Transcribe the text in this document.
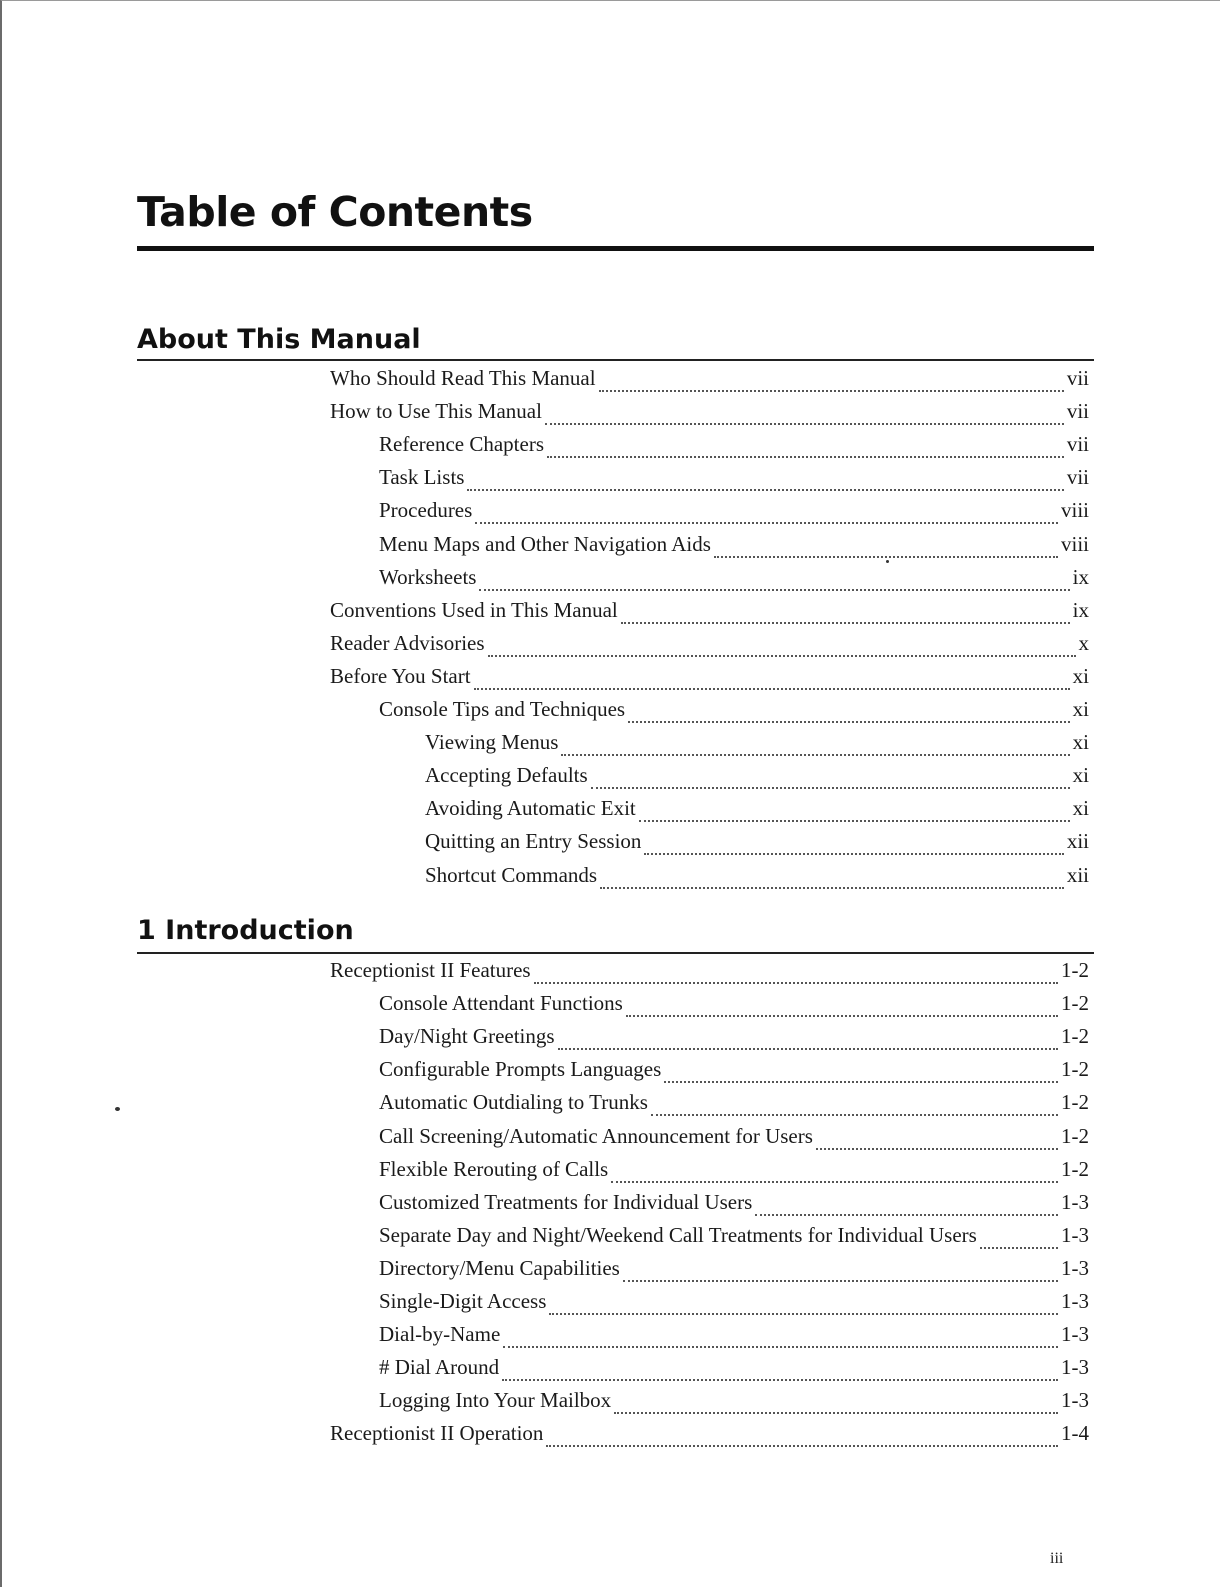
Table of Contents
About This Manual
Who Should Read This Manual	vii
How to Use This Manual	vii
Reference Chapters	vii
Task Lists	vii
Procedures	viii
Menu Maps and Other Navigation Aids	viii
Worksheets	ix
Conventions Used in This Manual	ix
Reader Advisories	x
Before You Start	xi
Console Tips and Techniques	xi
Viewing Menus	xi
Accepting Defaults	xi
Avoiding Automatic Exit	xi
Quitting an Entry Session	xii
Shortcut Commands	xii
1 Introduction
Receptionist II Features	1-2
Console Attendant Functions	1-2
Day/Night Greetings	1-2
Configurable Prompts Languages	1-2
Automatic Outdialing to Trunks	1-2
Call Screening/Automatic Announcement for Users	1-2
Flexible Rerouting of Calls	1-2
Customized Treatments for Individual Users	1-3
Separate Day and Night/Weekend Call Treatments for Individual Users	1-3
Directory/Menu Capabilities	1-3
Single-Digit Access	1-3
Dial-by-Name	1-3
# Dial Around	1-3
Logging Into Your Mailbox	1-3
Receptionist II Operation	1-4
iii
